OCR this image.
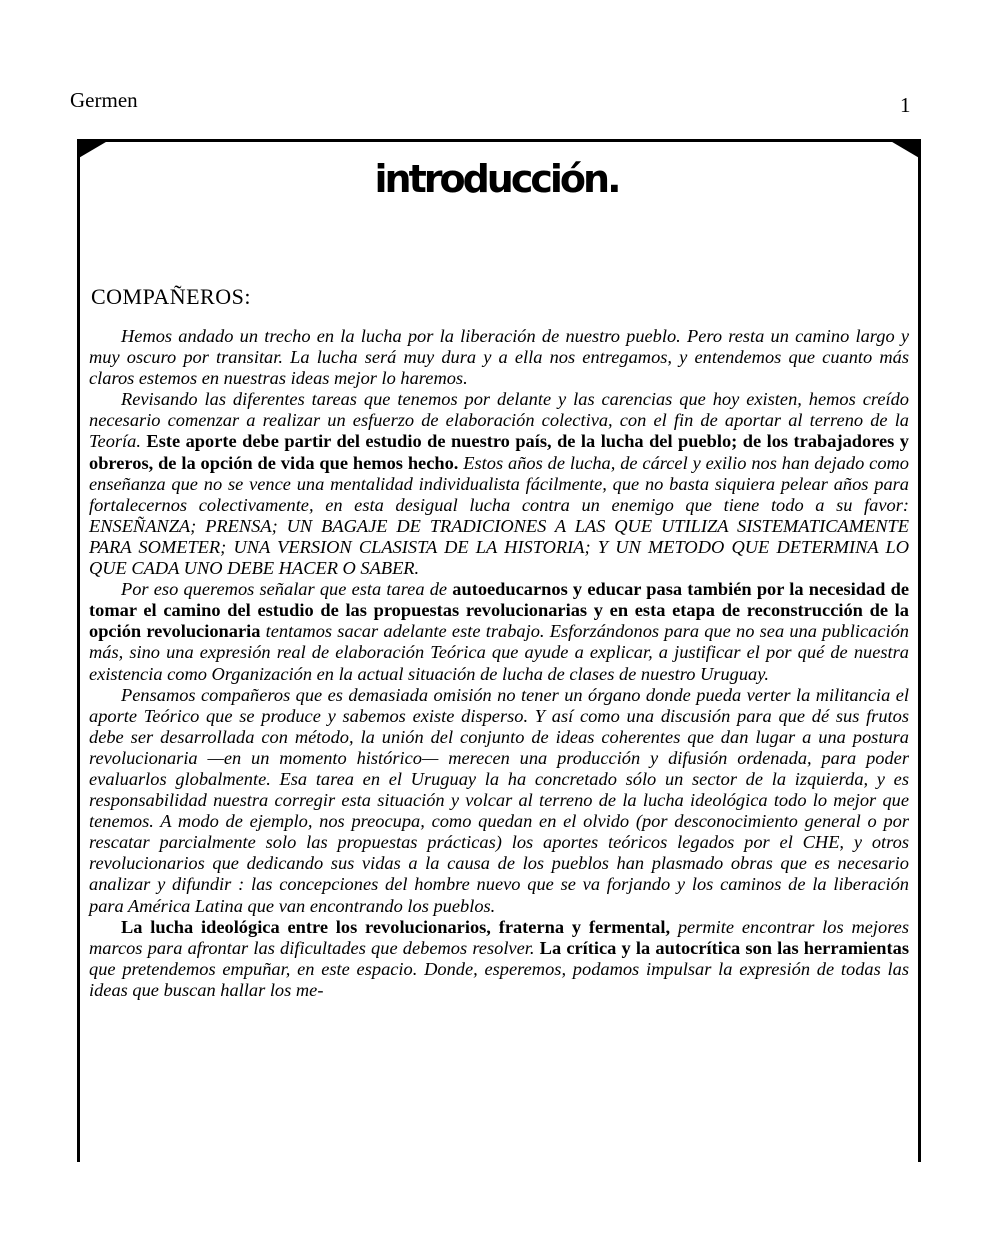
Germen	1
introducción.
COMPAÑEROS:

Hemos andado un trecho en la lucha por la liberación de nuestro pueblo. Pero resta un camino largo y muy oscuro por transitar. La lucha será muy dura y a ella nos entregamos, y entendemos que cuanto más claros estemos en nuestras ideas mejor lo haremos.

Revisando las diferentes tareas que tenemos por delante y las carencias que hoy existen, hemos creído necesario comenzar a realizar un esfuerzo de elaboración colectiva, con el fin de aportar al terreno de la Teoría. Este aporte debe partir del estudio de nuestro país, de la lucha del pueblo; de los trabajadores y obreros, de la opción de vida que hemos hecho. Estos años de lucha, de cárcel y exilio nos han dejado como enseñanza que no se vence una mentalidad individualista fácilmente, que no basta siquiera pelear años para fortalecernos colectivamente, en esta desigual lucha contra un enemigo que tiene todo a su favor: ENSEÑANZA; PRENSA; UN BAGAJE DE TRADICIONES A LAS QUE UTILIZA SISTEMATICAMENTE PARA SOMETER; UNA VERSION CLASISTA DE LA HISTORIA; Y UN METODO QUE DETERMINA LO QUE CADA UNO DEBE HACER O SABER.

Por eso queremos señalar que esta tarea de autoeducarnos y educar pasa también por la necesidad de tomar el camino del estudio de las propuestas revolucionarias y en esta etapa de reconstrucción de la opción revolucionaria tentamos sacar adelante este trabajo. Esforzándonos para que no sea una publicación más, sino una expresión real de elaboración Teórica que ayude a explicar, a justificar el por qué de nuestra existencia como Organización en la actual situación de lucha de clases de nuestro Uruguay.

Pensamos compañeros que es demasiada omisión no tener un órgano donde pueda verter la militancia el aporte Teórico que se produce y sabemos existe disperso. Y así como una discusión para que dé sus frutos debe ser desarrollada con método, la unión del conjunto de ideas coherentes que dan lugar a una postura revolucionaria —en un momento histórico— merecen una producción y difusión ordenada, para poder evaluarlos globalmente. Esa tarea en el Uruguay la ha concretado sólo un sector de la izquierda, y es responsabilidad nuestra corregir esta situación y volcar al terreno de la lucha ideológica todo lo mejor que tenemos. A modo de ejemplo, nos preocupa, como quedan en el olvido (por desconocimiento general o por rescatar parcialmente solo las propuestas prácticas) los aportes teóricos legados por el CHE, y otros revolucionarios que dedicando sus vidas a la causa de los pueblos han plasmado obras que es necesario analizar y difundir : las concepciones del hombre nuevo que se va forjando y los caminos de la liberación para América Latina que van encontrando los pueblos.

La lucha ideológica entre los revolucionarios, fraterna y fermental, permite encontrar los mejores marcos para afrontar las dificultades que debemos resolver. La crítica y la autocrítica son las herramientas que pretendemos empuñar, en este espacio. Donde, esperemos, podamos impulsar la expresión de todas las ideas que buscan hallar los me-
